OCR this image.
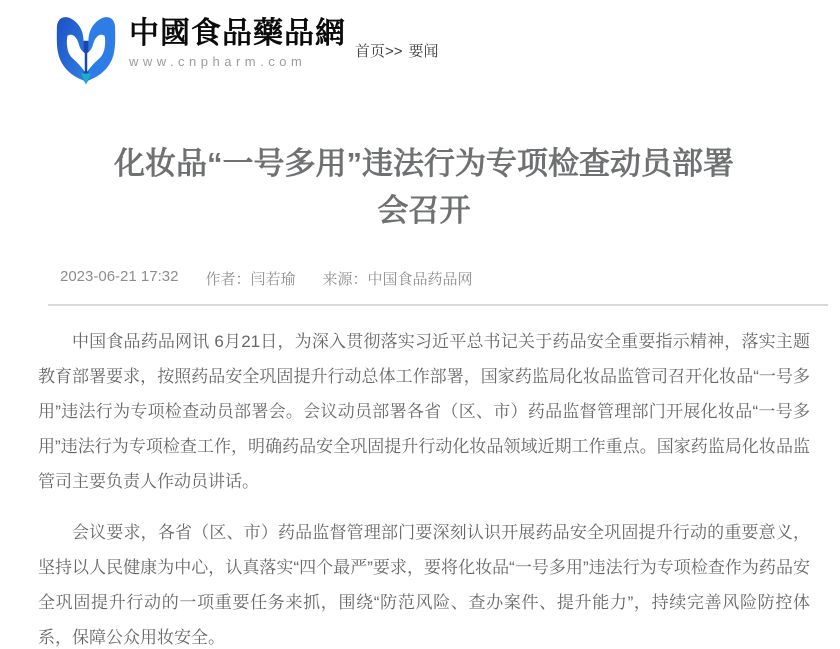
中國食品藥品網
www.cnpharm.com
首页>> 要闻
化妆品“一号多用”违法行为专项检查动员部署
会召开
2023-06-21 17:32 作者：闫若瑜 来源：中国食品药品网

中国食品药品网讯 6月21日，为深入贯彻落实习近平总书记关于药品安全重要指示精神，落实主题教育部署要求，按照药品安全巩固提升行动总体工作部署，国家药监局化妆品监管司召开化妆品“一号多用”违法行为专项检查动员部署会。会议动员部署各省（区、市）药品监督管理部门开展化妆品“一号多用”违法行为专项检查工作，明确药品安全巩固提升行动化妆品领域近期工作重点。国家药监局化妆品监管司主要负责人作动员讲话。

会议要求，各省（区、市）药品监督管理部门要深刻认识开展药品安全巩固提升行动的重要意义，坚持以人民健康为中心，认真落实“四个最严”要求，要将化妆品“一号多用”违法行为专项检查作为药品安全巩固提升行动的一项重要任务来抓，围绕“防范风险、查办案件、提升能力”，持续完善风险防控体系，保障公众用妆安全。
